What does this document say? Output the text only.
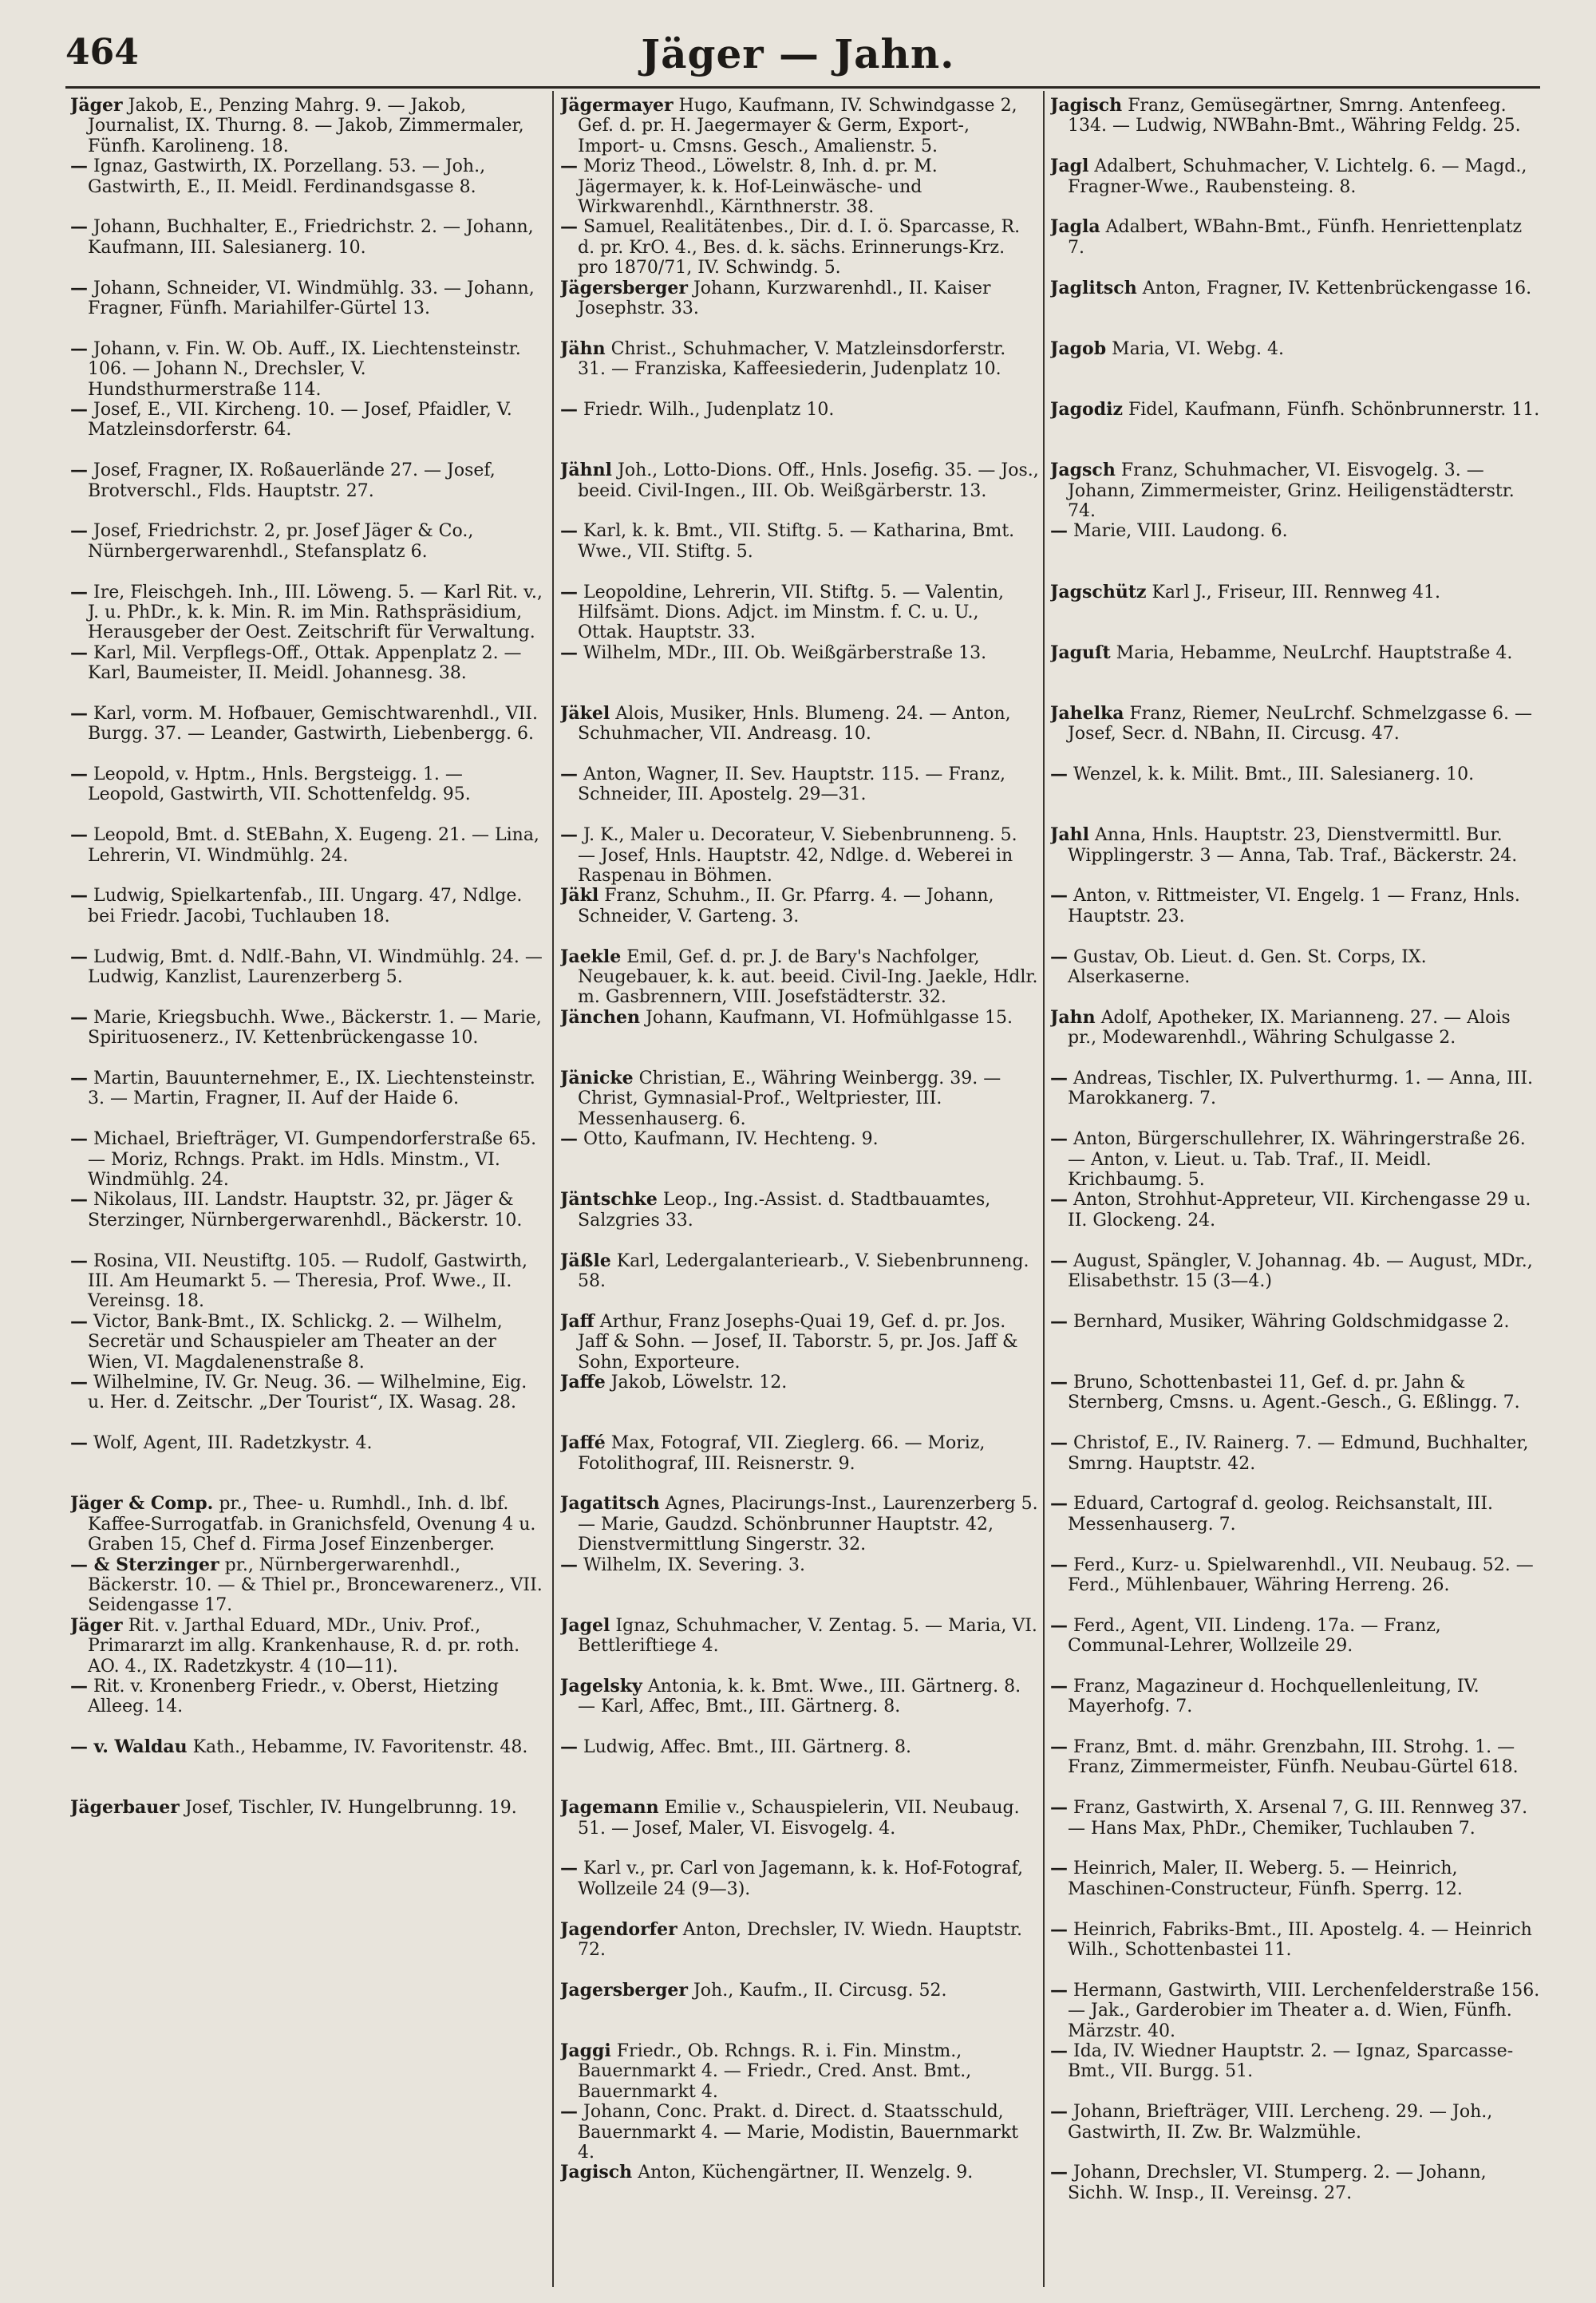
464	Jäger — Jahn.

Jäger Jakob, E., Penzing Mahrg. 9. — Jakob, Journalist, IX. Thurng. 8. — Jakob, Zimmermaler, Fünfh. Karolineng. 18.

— Ignaz, Gastwirth, IX. Porzellang. 53. — Joh., Gastwirth, E., II. Meidl. Ferdinandsgasse 8.

— Johann, Buchhalter, E., Friedrichstr. 2. — Johann, Kaufmann, III. Salesianerg. 10.

— Johann, Schneider, VI. Windmühlg. 33. — Johann, Fragner, Fünfh. Mariahilfer-Gürtel 13.

— Johann, v. Fin. W. Ob. Auff., IX. Liechtensteinstr. 106. — Johann N., Drechsler, V. Hundsthurmerstraße 114.

— Josef, E., VII. Kircheng. 10. — Josef, Pfaidler, V. Matzleinsdorferstr. 64.

— Josef, Fragner, IX. Roßauerlände 27. — Josef, Brotverschl., Flds. Hauptstr. 27.

— Josef, Friedrichstr. 2, pr. Josef Jäger & Co., Nürnbergerwarenhdl., Stefansplatz 6.

— Ire, Fleischgeh. Inh., III. Löweng. 5. — Karl Rit. v., J. u. PhDr., k. k. Min. R. im Min. Rathspräsidium, Herausgeber der Oest. Zeitschrift für Verwaltung.

— Karl, Mil. Verpflegs-Off., Ottak. Appenplatz 2. — Karl, Baumeister, II. Meidl. Johannesg. 38.

— Karl, vorm. M. Hofbauer, Gemischtwarenhdl., VII. Burgg. 37. — Leander, Gastwirth, Liebenbergg. 6.

— Leopold, v. Hptm., Hnls. Bergsteigg. 1. — Leopold, Gastwirth, VII. Schottenfeldg. 95.

— Leopold, Bmt. d. StEBahn, X. Eugeng. 21. — Lina, Lehrerin, VI. Windmühlg. 24.

— Ludwig, Spielkartenfab., III. Ungarg. 47, Ndlge. bei Friedr. Jacobi, Tuchlauben 18.

— Ludwig, Bmt. d. Ndlf.-Bahn, VI. Windmühlg. 24. — Ludwig, Kanzlist, Laurenzerberg 5.

— Marie, Kriegsbuchh. Wwe., Bäckerstr. 1. — Marie, Spirituosenerz., IV. Kettenbrückengasse 10.

— Martin, Bauunternehmer, E., IX. Liechtensteinstr. 3. — Martin, Fragner, II. Auf der Haide 6.

— Michael, Briefträger, VI. Gumpendorferstraße 65. — Moriz, Rchngs. Prakt. im Hdls. Minstm., VI. Windmühlg. 24.

— Nikolaus, III. Landstr. Hauptstr. 32, pr. Jäger & Sterzinger, Nürnbergerwarenhdl., Bäckerstr. 10.

— Rosina, VII. Neustiftg. 105. — Rudolf, Gastwirth, III. Am Heumarkt 5. — Theresia, Prof. Wwe., II. Vereinsg. 18.

— Victor, Bank-Bmt., IX. Schlickg. 2. — Wilhelm, Secretär und Schauspieler am Theater an der Wien, VI. Magdalenenstraße 8.

— Wilhelmine, IV. Gr. Neug. 36. — Wilhelmine, Eig. u. Her. d. Zeitschr. „Der Tourist“, IX. Wasag. 28.

— Wolf, Agent, III. Radetzkystr. 4.

Jäger & Comp. pr., Thee- u. Rumhdl., Inh. d. lbf. Kaffee-Surrogatfab. in Granichsfeld, Ovenung 4 u. Graben 15, Chef d. Firma Josef Einzenberger.

— & Sterzinger pr., Nürnbergerwarenhdl., Bäckerstr. 10. — & Thiel pr., Broncewarenerz., VII. Seidengasse 17.

Jäger Rit. v. Jarthal Eduard, MDr., Univ. Prof., Primararzt im allg. Krankenhause, R. d. pr. roth. AO. 4., IX. Radetzkystr. 4 (10—11).

— Rit. v. Kronenberg Friedr., v. Oberst, Hietzing Alleeg. 14.

— v. Waldau Kath., Hebamme, IV. Favoritenstr. 48.

Jägerbauer Josef, Tischler, IV. Hungelbrunng. 19.

Jägermayer Hugo, Kaufmann, IV. Schwindgasse 2, Gef. d. pr. H. Jaegermayer & Germ, Export-, Import- u. Cmsns. Gesch., Amalienstr. 5.

— Moriz Theod., Löwelstr. 8, Inh. d. pr. M. Jägermayer, k. k. Hof-Leinwäsche- und Wirkwarenhdl., Kärnthnerstr. 38.

— Samuel, Realitätenbes., Dir. d. I. ö. Sparcasse, R. d. pr. KrO. 4., Bes. d. k. sächs. Erinnerungs-Krz. pro 1870/71, IV. Schwindg. 5.

Jägersberger Johann, Kurzwarenhdl., II. Kaiser Josephstr. 33.

Jähn Christ., Schuhmacher, V. Matzleinsdorferstr. 31. — Franziska, Kaffeesiederin, Judenplatz 10.

— Friedr. Wilh., Judenplatz 10.

Jähnl Joh., Lotto-Dions. Off., Hnls. Josefig. 35. — Jos., beeid. Civil-Ingen., III. Ob. Weißgärberstr. 13.

— Karl, k. k. Bmt., VII. Stiftg. 5. — Katharina, Bmt. Wwe., VII. Stiftg. 5.

— Leopoldine, Lehrerin, VII. Stiftg. 5. — Valentin, Hilfsämt. Dions. Adjct. im Minstm. f. C. u. U., Ottak. Hauptstr. 33.

— Wilhelm, MDr., III. Ob. Weißgärberstraße 13.

Jäkel Alois, Musiker, Hnls. Blumeng. 24. — Anton, Schuhmacher, VII. Andreasg. 10.

— Anton, Wagner, II. Sev. Hauptstr. 115. — Franz, Schneider, III. Apostelg. 29—31.

— J. K., Maler u. Decorateur, V. Siebenbrunneng. 5. — Josef, Hnls. Hauptstr. 42, Ndlge. d. Weberei in Raspenau in Böhmen.

Jäkl Franz, Schuhm., II. Gr. Pfarrg. 4. — Johann, Schneider, V. Garteng. 3.

Jaekle Emil, Gef. d. pr. J. de Bary's Nachfolger, Neugebauer, k. k. aut. beeid. Civil-Ing. Jaekle, Hdlr. m. Gasbrennern, VIII. Josefstädterstr. 32.

Jänchen Johann, Kaufmann, VI. Hofmühlgasse 15.

Jänicke Christian, E., Währing Weinbergg. 39. — Christ, Gymnasial-Prof., Weltpriester, III. Messenhauserg. 6.

— Otto, Kaufmann, IV. Hechteng. 9.

Jäntschke Leop., Ing.-Assist. d. Stadtbauamtes, Salzgries 33.

Jäßle Karl, Ledergalanteriearb., V. Siebenbrunneng. 58.

Jaff Arthur, Franz Josephs-Quai 19, Gef. d. pr. Jos. Jaff & Sohn. — Josef, II. Taborstr. 5, pr. Jos. Jaff & Sohn, Exporteure.

Jaffe Jakob, Löwelstr. 12.

Jaffé Max, Fotograf, VII. Zieglerg. 66. — Moriz, Fotolithograf, III. Reisnerstr. 9.

Jagatitsch Agnes, Placirungs-Inst., Laurenzerberg 5. — Marie, Gaudzd. Schönbrunner Hauptstr. 42, Dienstvermittlung Singerstr. 32.

— Wilhelm, IX. Severing. 3.

Jagel Ignaz, Schuhmacher, V. Zentag. 5. — Maria, VI. Bettleriftiege 4.

Jagelsky Antonia, k. k. Bmt. Wwe., III. Gärtnerg. 8. — Karl, Affec, Bmt., III. Gärtnerg. 8.

— Ludwig, Affec. Bmt., III. Gärtnerg. 8.

Jagemann Emilie v., Schauspielerin, VII. Neubaug. 51. — Josef, Maler, VI. Eisvogelg. 4.

— Karl v., pr. Carl von Jagemann, k. k. Hof-Fotograf, Wollzeile 24 (9—3).

Jagendorfer Anton, Drechsler, IV. Wiedn. Hauptstr. 72.

Jagersberger Joh., Kaufm., II. Circusg. 52.

Jaggi Friedr., Ob. Rchngs. R. i. Fin. Minstm., Bauernmarkt 4. — Friedr., Cred. Anst. Bmt., Bauernmarkt 4.

— Johann, Conc. Prakt. d. Direct. d. Staatsschuld, Bauernmarkt 4. — Marie, Modistin, Bauernmarkt 4.

Jagisch Anton, Küchengärtner, II. Wenzelg. 9.

Jagisch Franz, Gemüsegärtner, Smrng. Antenfeeg. 134. — Ludwig, NWBahn-Bmt., Währing Feldg. 25.

Jagl Adalbert, Schuhmacher, V. Lichtelg. 6. — Magd., Fragner-Wwe., Raubensteing. 8.

Jagla Adalbert, WBahn-Bmt., Fünfh. Henriettenplatz 7.

Jaglitsch Anton, Fragner, IV. Kettenbrückengasse 16.

Jagob Maria, VI. Webg. 4.

Jagodiz Fidel, Kaufmann, Fünfh. Schönbrunnerstr. 11.

Jagsch Franz, Schuhmacher, VI. Eisvogelg. 3. — Johann, Zimmermeister, Grinz. Heiligenstädterstr. 74.

— Marie, VIII. Laudong. 6.

Jagschütz Karl J., Friseur, III. Rennweg 41.

Jaguſt Maria, Hebamme, NeuLrchf. Hauptstraße 4.

Jahelka Franz, Riemer, NeuLrchf. Schmelzgasse 6. — Josef, Secr. d. NBahn, II. Circusg. 47.

— Wenzel, k. k. Milit. Bmt., III. Salesianerg. 10.

Jahl Anna, Hnls. Hauptstr. 23, Dienstvermittl. Bur. Wipplingerstr. 3 — Anna, Tab. Traf., Bäckerstr. 24.

— Anton, v. Rittmeister, VI. Engelg. 1 — Franz, Hnls. Hauptstr. 23.

— Gustav, Ob. Lieut. d. Gen. St. Corps, IX. Alserkaserne.

Jahn Adolf, Apotheker, IX. Marianneng. 27. — Alois pr., Modewarenhdl., Währing Schulgasse 2.

— Andreas, Tischler, IX. Pulverthurmg. 1. — Anna, III. Marokkanerg. 7.

— Anton, Bürgerschullehrer, IX. Währingerstraße 26. — Anton, v. Lieut. u. Tab. Traf., II. Meidl. Krichbaumg. 5.

— Anton, Strohhut-Appreteur, VII. Kirchengasse 29 u. II. Glockeng. 24.

— August, Spängler, V. Johannag. 4b. — August, MDr., Elisabethstr. 15 (3—4.)

— Bernhard, Musiker, Währing Goldschmidgasse 2.

— Bruno, Schottenbastei 11, Gef. d. pr. Jahn & Sternberg, Cmsns. u. Agent.-Gesch., G. Eßlingg. 7.

— Christof, E., IV. Rainerg. 7. — Edmund, Buchhalter, Smrng. Hauptstr. 42.

— Eduard, Cartograf d. geolog. Reichsanstalt, III. Messenhauserg. 7.

— Ferd., Kurz- u. Spielwarenhdl., VII. Neubaug. 52. — Ferd., Mühlenbauer, Währing Herreng. 26.

— Ferd., Agent, VII. Lindeng. 17a. — Franz, Communal-Lehrer, Wollzeile 29.

— Franz, Magazineur d. Hochquellenleitung, IV. Mayerhofg. 7.

— Franz, Bmt. d. mähr. Grenzbahn, III. Strohg. 1. — Franz, Zimmermeister, Fünfh. Neubau-Gürtel 618.

— Franz, Gastwirth, X. Arsenal 7, G. III. Rennweg 37. — Hans Max, PhDr., Chemiker, Tuchlauben 7.

— Heinrich, Maler, II. Weberg. 5. — Heinrich, Maschinen-Constructeur, Fünfh. Sperrg. 12.

— Heinrich, Fabriks-Bmt., III. Apostelg. 4. — Heinrich Wilh., Schottenbastei 11.

— Hermann, Gastwirth, VIII. Lerchenfelderstraße 156. — Jak., Garderobier im Theater a. d. Wien, Fünfh. Märzstr. 40.

— Ida, IV. Wiedner Hauptstr. 2. — Ignaz, Sparcasse-Bmt., VII. Burgg. 51.

— Johann, Briefträger, VIII. Lercheng. 29. — Joh., Gastwirth, II. Zw. Br. Walzmühle.

— Johann, Drechsler, VI. Stumperg. 2. — Johann, Sichh. W. Insp., II. Vereinsg. 27.
